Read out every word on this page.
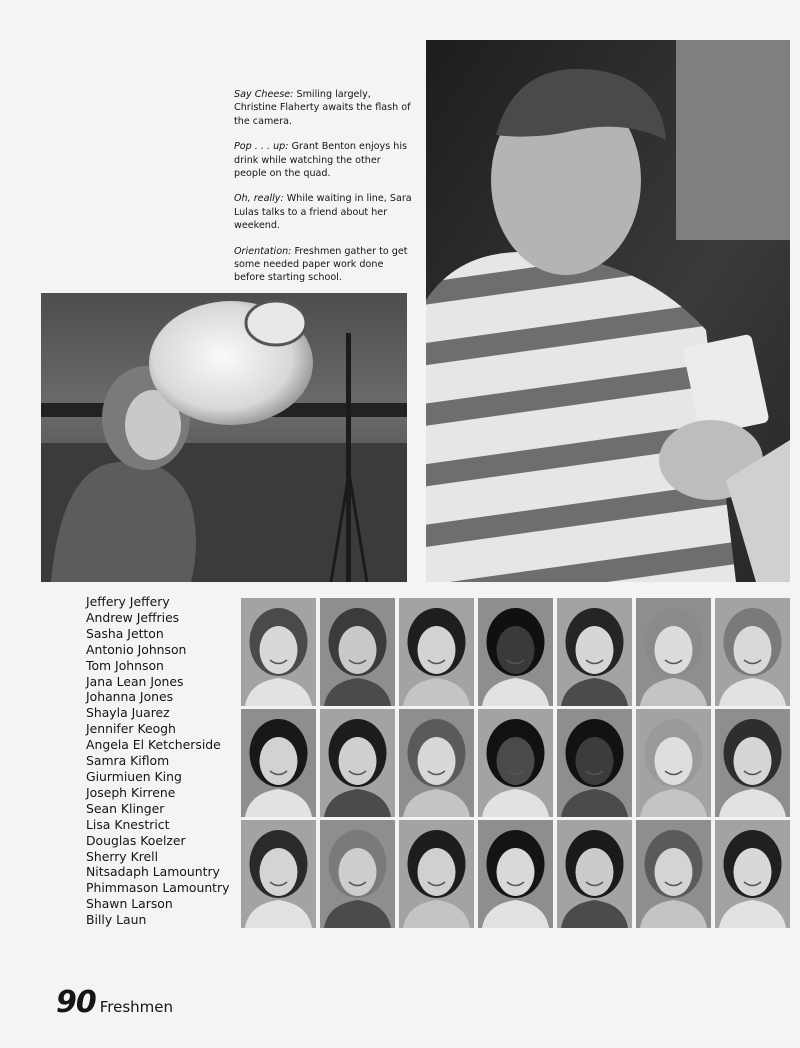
Say Cheese: Smiling largely, Christine Flaherty awaits the flash of the camera.

Pop . . . up: Grant Benton enjoys his drink while watching the other people on the quad.

Oh, really: While waiting in line, Sara Lulas talks to a friend about her weekend.

Orientation: Freshmen gather to get some needed paper work done before starting school.

Jeffery Jeffery
Andrew Jeffries
Sasha Jetton
Antonio Johnson
Tom Johnson
Jana Lean Jones
Johanna Jones
Shayla Juarez
Jennifer Keogh
Angela El Ketcherside
Samra Kiflom
Giurmiuen King
Joseph Kirrene
Sean Klinger
Lisa Knestrict
Douglas Koelzer
Sherry Krell
Nitsadaph Lamountry
Phimmason Lamountry
Shawn Larson
Billy Laun
90 Freshmen
